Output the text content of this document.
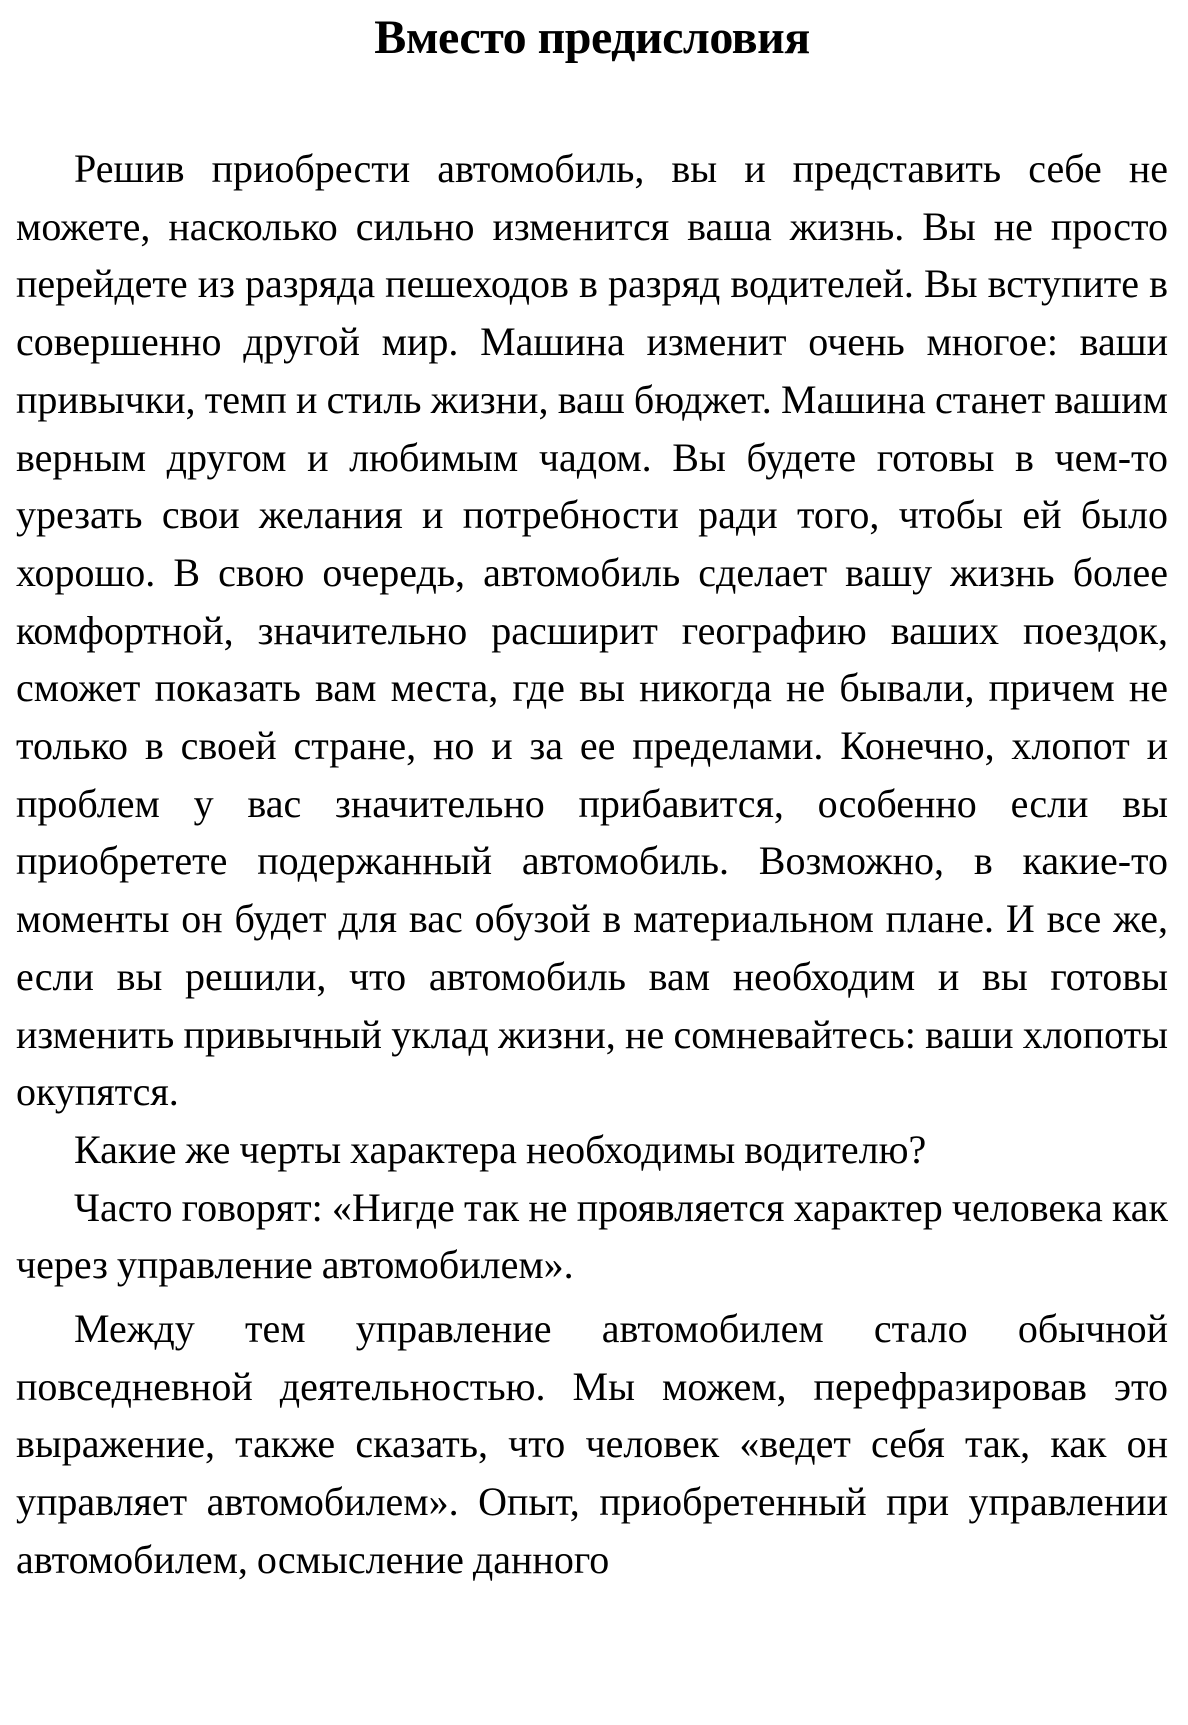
Вместо предисловия

Решив приобрести автомобиль, вы и представить себе не можете, насколько сильно изменится ваша жизнь. Вы не просто перейдете из разряда пешеходов в разряд водителей. Вы вступите в совершенно другой мир. Машина изменит очень многое: ваши привычки, темп и стиль жизни, ваш бюджет. Машина станет вашим верным другом и любимым чадом. Вы будете готовы в чем-то урезать свои желания и потребности ради того, чтобы ей было хорошо. В свою очередь, автомобиль сделает вашу жизнь более комфортной, значительно расширит географию ваших поездок, сможет показать вам места, где вы никогда не бывали, причем не только в своей стране, но и за ее пределами. Конечно, хлопот и проблем у вас значительно прибавится, особенно если вы приобретете подержанный автомобиль. Возможно, в какие-то моменты он будет для вас обузой в материальном плане. И все же, если вы решили, что автомобиль вам необходим и вы готовы изменить привычный уклад жизни, не сомневайтесь: ваши хлопоты окупятся.

Какие же черты характера необходимы водителю?

Часто говорят: «Нигде так не проявляется характер человека как через управление автомобилем».

Между тем управление автомобилем стало обычной повседневной деятельностью. Мы можем, перефразировав это выражение, также сказать, что человек «ведет себя так, как он управляет автомобилем». Опыт, приобретенный при управлении автомобилем, осмысление данного
